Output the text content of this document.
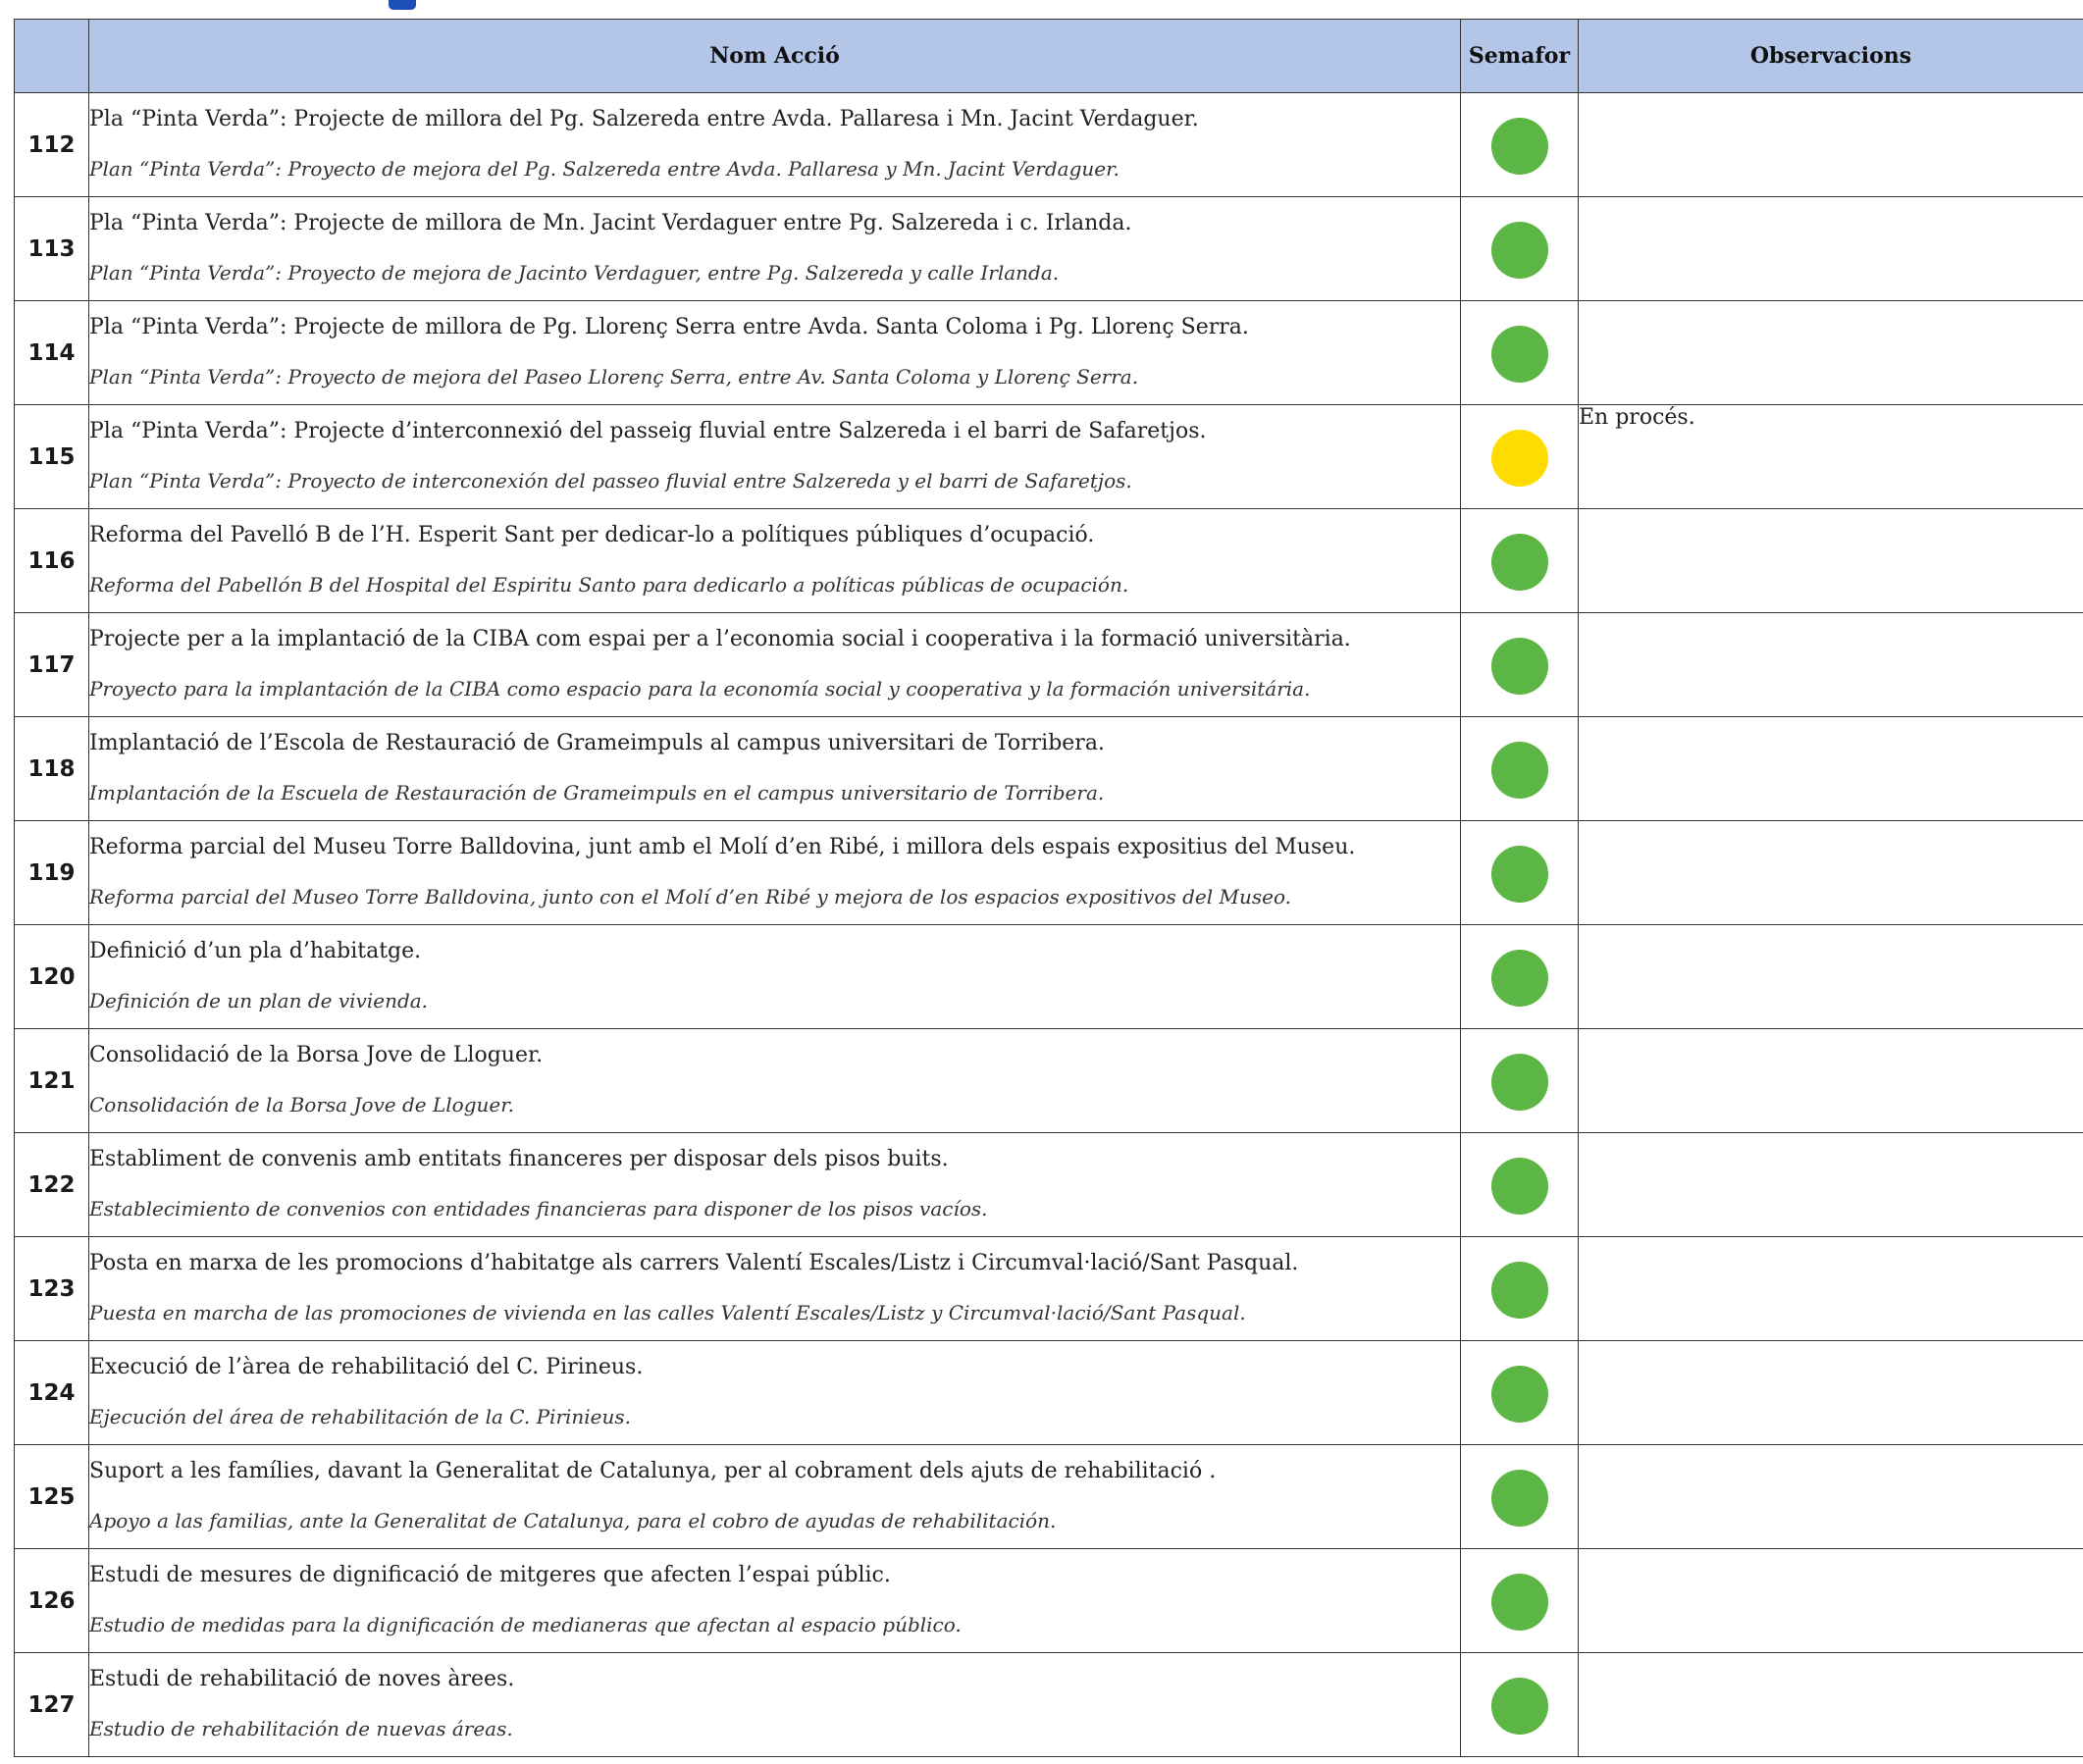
	Nom Acció	Semafor	Observacions
112	Pla “Pinta Verda”: Projecte de millora del Pg. Salzereda entre Avda. Pallaresa i Mn. Jacint Verdaguer.
Plan “Pinta Verda”: Proyecto de mejora del Pg. Salzereda entre Avda. Pallaresa y Mn. Jacint Verdaguer.		

113	Pla “Pinta Verda”: Projecte de millora de Mn. Jacint Verdaguer entre Pg. Salzereda i c. Irlanda.
Plan “Pinta Verda”: Proyecto de mejora de Jacinto Verdaguer, entre Pg. Salzereda y calle Irlanda.		

114	Pla “Pinta Verda”: Projecte de millora de Pg. Llorenç Serra entre Avda. Santa Coloma i Pg. Llorenç Serra.
Plan “Pinta Verda”: Proyecto de mejora del Paseo Llorenç Serra, entre Av. Santa Coloma y Llorenç Serra.		

115	Pla “Pinta Verda”: Projecte d’interconnexió del passeig fluvial entre Salzereda i el barri de Safaretjos.
Plan “Pinta Verda”: Proyecto de interconexión del passeo fluvial entre Salzereda y el barri de Safaretjos.		En procés.
116	Reforma del Pavelló B de l’H. Esperit Sant per dedicar-lo a polítiques públiques d’ocupació.
Reforma del Pabellón B del Hospital del Espiritu Santo para dedicarlo a políticas públicas de ocupación.		

117	Projecte per a la implantació de la CIBA com espai per a l’economia social i cooperativa i la formació universitària.
Proyecto para la implantación de la CIBA como espacio para la economía social y cooperativa y la formación universitária.		

118	Implantació de l’Escola de Restauració de Grameimpuls al campus universitari de Torribera.
Implantación de la Escuela de Restauración de Grameimpuls en el campus universitario de Torribera.		

119	Reforma parcial del Museu Torre Balldovina, junt amb el Molí d’en Ribé, i millora dels espais expositius del Museu.
Reforma parcial del Museo Torre Balldovina, junto con el Molí d’en Ribé y mejora de los espacios expositivos del Museo.		

120	Definició d’un pla d’habitatge.
Definición de un plan de vivienda.		

121	Consolidació de la Borsa Jove de Lloguer.
Consolidación de la Borsa Jove de Lloguer.		

122	Establiment de convenis amb entitats financeres per disposar dels pisos buits.
Establecimiento de convenios con entidades financieras para disponer de los pisos vacíos.		

123	Posta en marxa de les promocions d’habitatge als carrers Valentí Escales/Listz i Circumval·lació/Sant Pasqual.
Puesta en marcha de las promociones de vivienda en las calles Valentí Escales/Listz y Circumval·lació/Sant Pasqual.		

124	Execució de l’àrea de rehabilitació del C. Pirineus.
Ejecución del área de rehabilitación de la C. Pirinieus.		

125	Suport a les famílies, davant la Generalitat de Catalunya, per al cobrament dels ajuts de rehabilitació .
Apoyo a las familias, ante la Generalitat de Catalunya, para el cobro de ayudas de rehabilitación.		

126	Estudi de mesures de dignificació de mitgeres que afecten l’espai públic.
Estudio de medidas para la dignificación de medianeras que afectan al espacio público.		

127	Estudi de rehabilitació de noves àrees.
Estudio de rehabilitación de nuevas áreas.		
